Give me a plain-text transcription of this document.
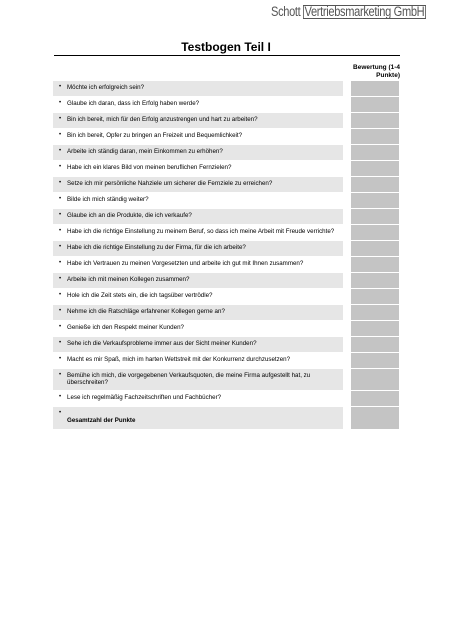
Schott Vertriebsmarketing GmbH
Testbogen Teil I
Bewertung (1-4 Punkte)
• Möchte ich erfolgreich sein?
• Glaube ich daran, dass ich Erfolg haben werde?
• Bin ich bereit, mich für den Erfolg anzustrengen und hart zu arbeiten?
• Bin ich bereit, Opfer zu bringen an Freizeit und Bequemlichkeit?
• Arbeite ich ständig daran, mein Einkommen zu erhöhen?
• Habe ich ein klares Bild von meinen beruflichen Fernzielen?
• Setze ich mir persönliche Nahziele um sicherer die Fernziele zu erreichen?
• Bilde ich mich ständig weiter?
• Glaube ich an die Produkte, die ich verkaufe?
• Habe ich die richtige Einstellung zu meinem Beruf, so dass ich meine Arbeit mit Freude verrichte?
• Habe ich die richtige Einstellung zu der Firma, für die ich arbeite?
• Habe ich Vertrauen zu meinen Vorgesetzten und arbeite ich gut mit Ihnen zusammen?
• Arbeite ich mit meinen Kollegen zusammen?
• Hole ich die Zeit stets ein, die ich tagsüber vertrödle?
• Nehme ich die Ratschläge erfahrener Kollegen gerne an?
• Genieße ich den Respekt meiner Kunden?
• Sehe ich die Verkaufsprobleme immer aus der Sicht meiner Kunden?
• Macht es mir Spaß, mich im harten Wettstreit mit der Konkurrenz durchzusetzen?
• Bemühe ich mich, die vorgegebenen Verkaufsquoten, die meine Firma aufgestellt hat, zu überschreiten?
• Lese ich regelmäßig Fachzeitschriften und Fachbücher?
•
Gesamtzahl der Punkte
